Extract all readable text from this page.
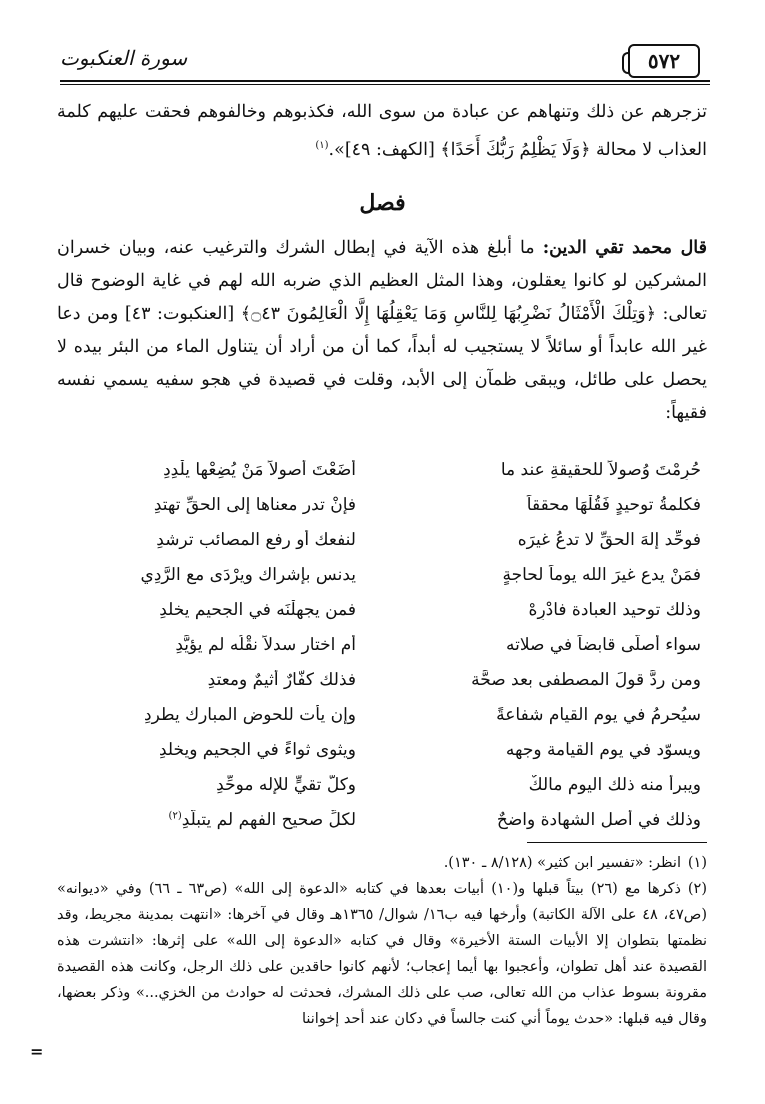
٥٧٢
سورة العنكبوت
تزجرهم عن ذلك وتنهاهم عن عبادة من سوى الله، فكذبوهم وخالفوهم فحقت عليهم كلمة العذاب لا محالة ﴿وَلَا يَظْلِمُ رَبُّكَ أَحَدًا﴾ [الكهف: ٤٩]».$^{(١)}$
فصل
قال محمد تقي الدين: ما أبلغ هذه الآية في إبطال الشرك والترغيب عنه، وبيان خسران المشركين لو كانوا يعقلون، وهذا المثل العظيم الذي ضربه الله لهم في غاية الوضوح قال تعالى: ﴿وَتِلْكَ الْأَمْثَالُ نَضْرِبُهَا لِلنَّاسِ وَمَا يَعْقِلُهَا إِلَّا الْعَالِمُونَ ۝٤٣﴾ [العنكبوت: ٤٣] ومن دعا غير الله عابداً أو سائلاً لا يستجيب له أبداً، كما أن من أراد أن يتناول الماء من البئر بيده لا يحصل على طائل، ويبقى ظمآن إلى الأبد، وقلت في قصيدة في هجو سفيه يسمي نفسه فقيهاً:
حُرِمْتَ وُصولاً للحقيقةِ عند ما
أضَعْتَ أُصولاً مَنْ يُضِعْها يلْدِدِ
فكلمةُ توحيدٍ فَقُلْهَا محققاً
فإنْ تدر معناها إلى الحقِّ تهتدِ
فوحِّد إلهَ الحقِّ لا تدعُ غيرَه
لنفعك أو رفع المصائب ترشدِ
فمَنْ يدع غيرَ الله يوماً لحاجةٍ
يدنس بإشراك ويرْدَى مع الرَّدِي
وذلك توحيد العبادة فادْرِهْ
فمن يجهلْنَه في الجحيم يخلدِ
سواء أصلّى قابضاً في صلاته
أم اختار سدلاً نقْلُه لم يؤيَّدِ
ومن ردَّ قولَ المصطفى بعد صحَّة
فذلك كفَّارٌ أثيمٌ ومعتدِ
سيُحرمُ في يوم القيام شفاعةً
وإن يأت للحوض المبارك يطردِ
ويسوّد في يوم القيامة وجهه
ويثوى ثواءً في الجحيم ويخلدِ
ويبرأ منه ذلك اليوم مالكٌ
وكلُّ تقيٍّ للإله موحِّدِ
وذلك في أصل الشهادة واضحٌ
لكلِّ صحيح الفهم لم يتبلَّدِ$^{(٢)}$

(١)انظر: «تفسير ابن كثير» (٨/١٢٨ ـ ١٣٠).

(٢)ذكرها مع (٢٦) بيتاً قبلها و(١٠) أبيات بعدها في كتابه «الدعوة إلى الله» (ص٦٣ ـ ٦٦) وفي «ديوانه» (ص٤٧، ٤٨ على الآلة الكاتبة) وأرخها فيه ب١٦/ شوال/ ١٣٦٥هـ وقال في آخرها: «انتهت بمدينة مجريط، وقد نظمتها بتطوان إلا الأبيات الستة الأخيرة» وقال في كتابه «الدعوة إلى الله» على إثرها: «انتشرت هذه القصيدة عند أهل تطوان، وأعجبوا بها أيما إعجاب؛ لأنهم كانوا حاقدين على ذلك الرجل، وكانت هذه القصيدة مقرونة بسوط عذاب من الله تعالى، صب على ذلك المشرك، فحدثت له حوادث من الخزي...» وذكر بعضها، وقال فيه قبلها: «حدث يوماً أني كنت جالساً في دكان عند أحد إخواننا

=
